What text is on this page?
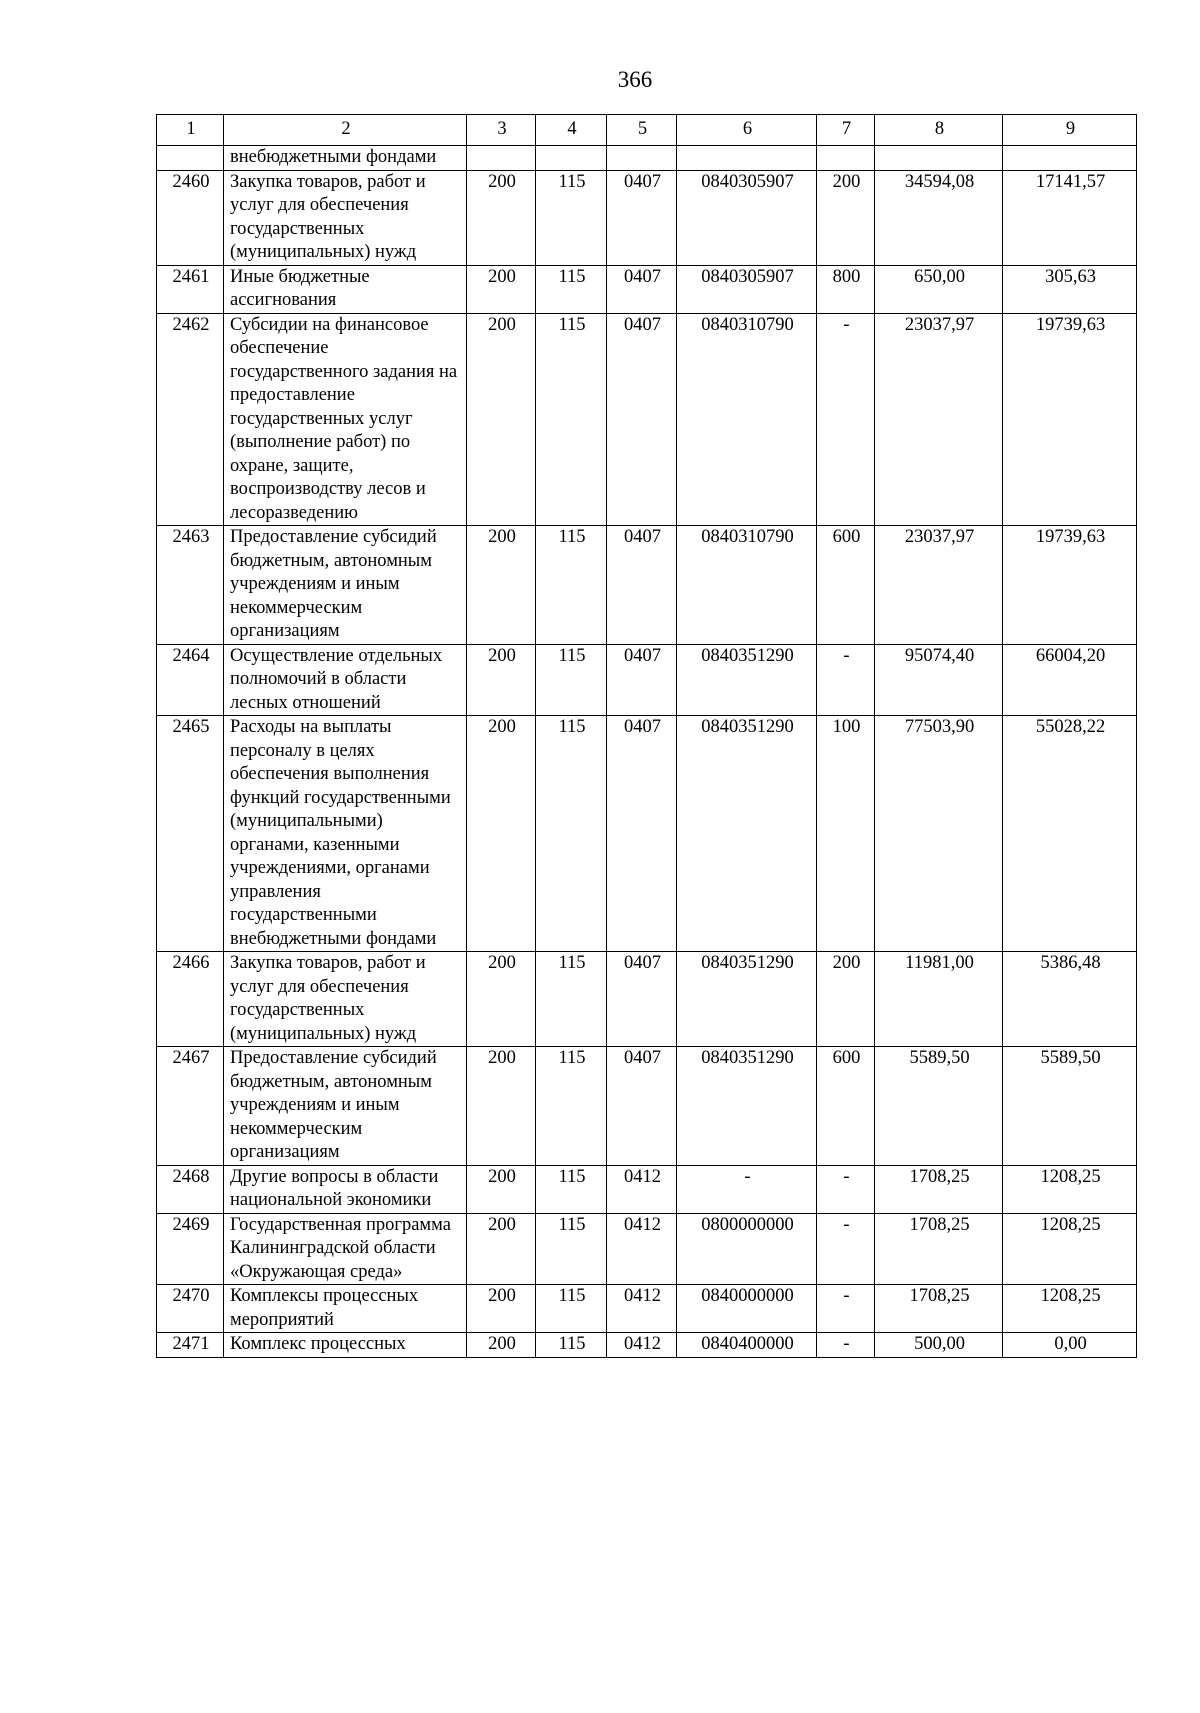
366
1	2	3	4	5	6	7	8	9
	внебюджетными фондами							
2460	Закупка товаров, работ и услуг для обеспечения государственных (муниципальных) нужд	200	115	0407	0840305907	200	34594,08	17141,57
2461	Иные бюджетные ассигнования	200	115	0407	0840305907	800	650,00	305,63
2462	Субсидии на финансовое обеспечение государственного задания на предоставление государственных услуг (выполнение работ) по охране, защите, воспроизводству лесов и лесоразведению	200	115	0407	0840310790	-	23037,97	19739,63
2463	Предоставление субсидий бюджетным, автономным учреждениям и иным некоммерческим организациям	200	115	0407	0840310790	600	23037,97	19739,63
2464	Осуществление отдельных полномочий в области лесных отношений	200	115	0407	0840351290	-	95074,40	66004,20
2465	Расходы на выплаты персоналу в целях обеспечения выполнения функций государственными (муниципальными) органами, казенными учреждениями, органами управления государственными внебюджетными фондами	200	115	0407	0840351290	100	77503,90	55028,22
2466	Закупка товаров, работ и услуг для обеспечения государственных (муниципальных) нужд	200	115	0407	0840351290	200	11981,00	5386,48
2467	Предоставление субсидий бюджетным, автономным учреждениям и иным некоммерческим организациям	200	115	0407	0840351290	600	5589,50	5589,50
2468	Другие вопросы в области национальной экономики	200	115	0412	-	-	1708,25	1208,25
2469	Государственная программа Калининградской области «Окружающая среда»	200	115	0412	0800000000	-	1708,25	1208,25
2470	Комплексы процессных мероприятий	200	115	0412	0840000000	-	1708,25	1208,25
2471	Комплекс процессных	200	115	0412	0840400000	-	500,00	0,00
